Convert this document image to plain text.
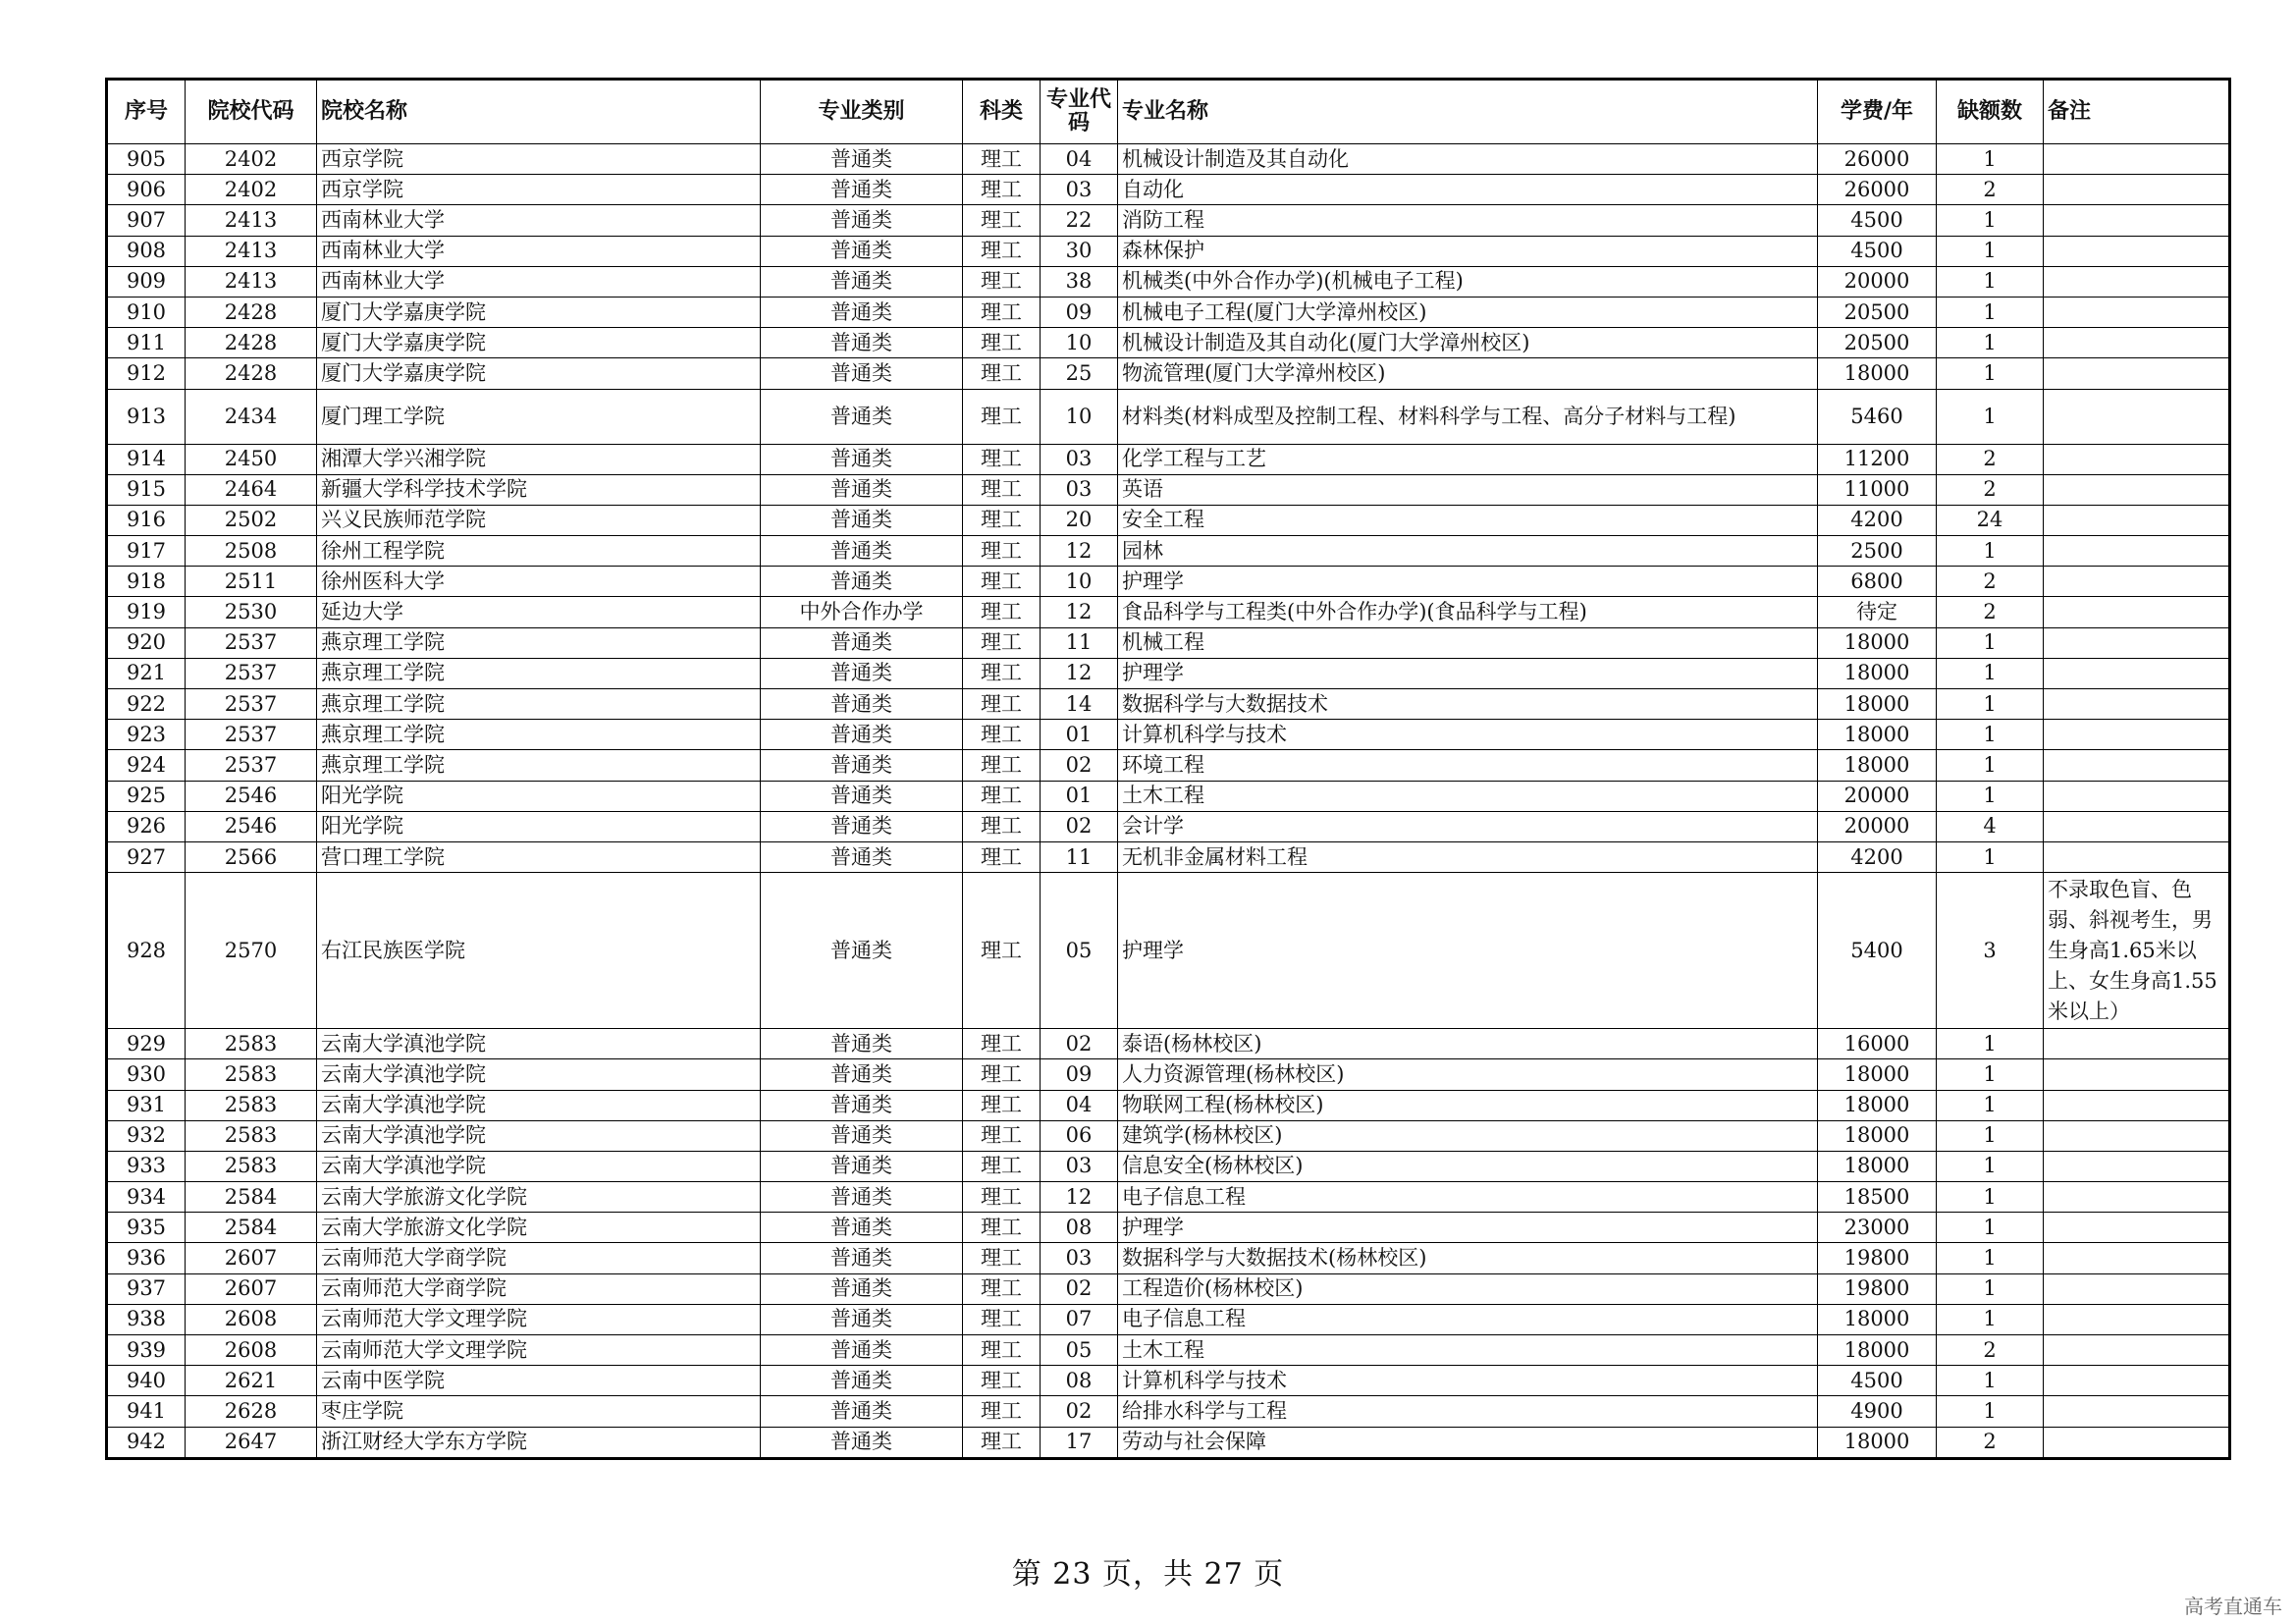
序号	院校代码	院校名称	专业类别	科类	专业代码	专业名称	学费/年	缺额数	备注
905	2402	西京学院	普通类	理工	04	机械设计制造及其自动化	26000	1	
906	2402	西京学院	普通类	理工	03	自动化	26000	2	
907	2413	西南林业大学	普通类	理工	22	消防工程	4500	1	
908	2413	西南林业大学	普通类	理工	30	森林保护	4500	1	
909	2413	西南林业大学	普通类	理工	38	机械类(中外合作办学)(机械电子工程)	20000	1	
910	2428	厦门大学嘉庚学院	普通类	理工	09	机械电子工程(厦门大学漳州校区)	20500	1	
911	2428	厦门大学嘉庚学院	普通类	理工	10	机械设计制造及其自动化(厦门大学漳州校区)	20500	1	
912	2428	厦门大学嘉庚学院	普通类	理工	25	物流管理(厦门大学漳州校区)	18000	1	
913	2434	厦门理工学院	普通类	理工	10	材料类(材料成型及控制工程、材料科学与工程、高分子材料与工程)	5460	1	
914	2450	湘潭大学兴湘学院	普通类	理工	03	化学工程与工艺	11200	2	
915	2464	新疆大学科学技术学院	普通类	理工	03	英语	11000	2	
916	2502	兴义民族师范学院	普通类	理工	20	安全工程	4200	24	
917	2508	徐州工程学院	普通类	理工	12	园林	2500	1	
918	2511	徐州医科大学	普通类	理工	10	护理学	6800	2	
919	2530	延边大学	中外合作办学	理工	12	食品科学与工程类(中外合作办学)(食品科学与工程)	待定	2	
920	2537	燕京理工学院	普通类	理工	11	机械工程	18000	1	
921	2537	燕京理工学院	普通类	理工	12	护理学	18000	1	
922	2537	燕京理工学院	普通类	理工	14	数据科学与大数据技术	18000	1	
923	2537	燕京理工学院	普通类	理工	01	计算机科学与技术	18000	1	
924	2537	燕京理工学院	普通类	理工	02	环境工程	18000	1	
925	2546	阳光学院	普通类	理工	01	土木工程	20000	1	
926	2546	阳光学院	普通类	理工	02	会计学	20000	4	
927	2566	营口理工学院	普通类	理工	11	无机非金属材料工程	4200	1	
928	2570	右江民族医学院	普通类	理工	05	护理学	5400	3	不录取色盲、色弱、斜视考生，男生身高1.65米以上、女生身高1.55米以上）
929	2583	云南大学滇池学院	普通类	理工	02	泰语(杨林校区)	16000	1	
930	2583	云南大学滇池学院	普通类	理工	09	人力资源管理(杨林校区)	18000	1	
931	2583	云南大学滇池学院	普通类	理工	04	物联网工程(杨林校区)	18000	1	
932	2583	云南大学滇池学院	普通类	理工	06	建筑学(杨林校区)	18000	1	
933	2583	云南大学滇池学院	普通类	理工	03	信息安全(杨林校区)	18000	1	
934	2584	云南大学旅游文化学院	普通类	理工	12	电子信息工程	18500	1	
935	2584	云南大学旅游文化学院	普通类	理工	08	护理学	23000	1	
936	2607	云南师范大学商学院	普通类	理工	03	数据科学与大数据技术(杨林校区)	19800	1	
937	2607	云南师范大学商学院	普通类	理工	02	工程造价(杨林校区)	19800	1	
938	2608	云南师范大学文理学院	普通类	理工	07	电子信息工程	18000	1	
939	2608	云南师范大学文理学院	普通类	理工	05	土木工程	18000	2	
940	2621	云南中医学院	普通类	理工	08	计算机科学与技术	4500	1	
941	2628	枣庄学院	普通类	理工	02	给排水科学与工程	4900	1	
942	2647	浙江财经大学东方学院	普通类	理工	17	劳动与社会保障	18000	2	
第 23 页，共 27 页
高考直通车
